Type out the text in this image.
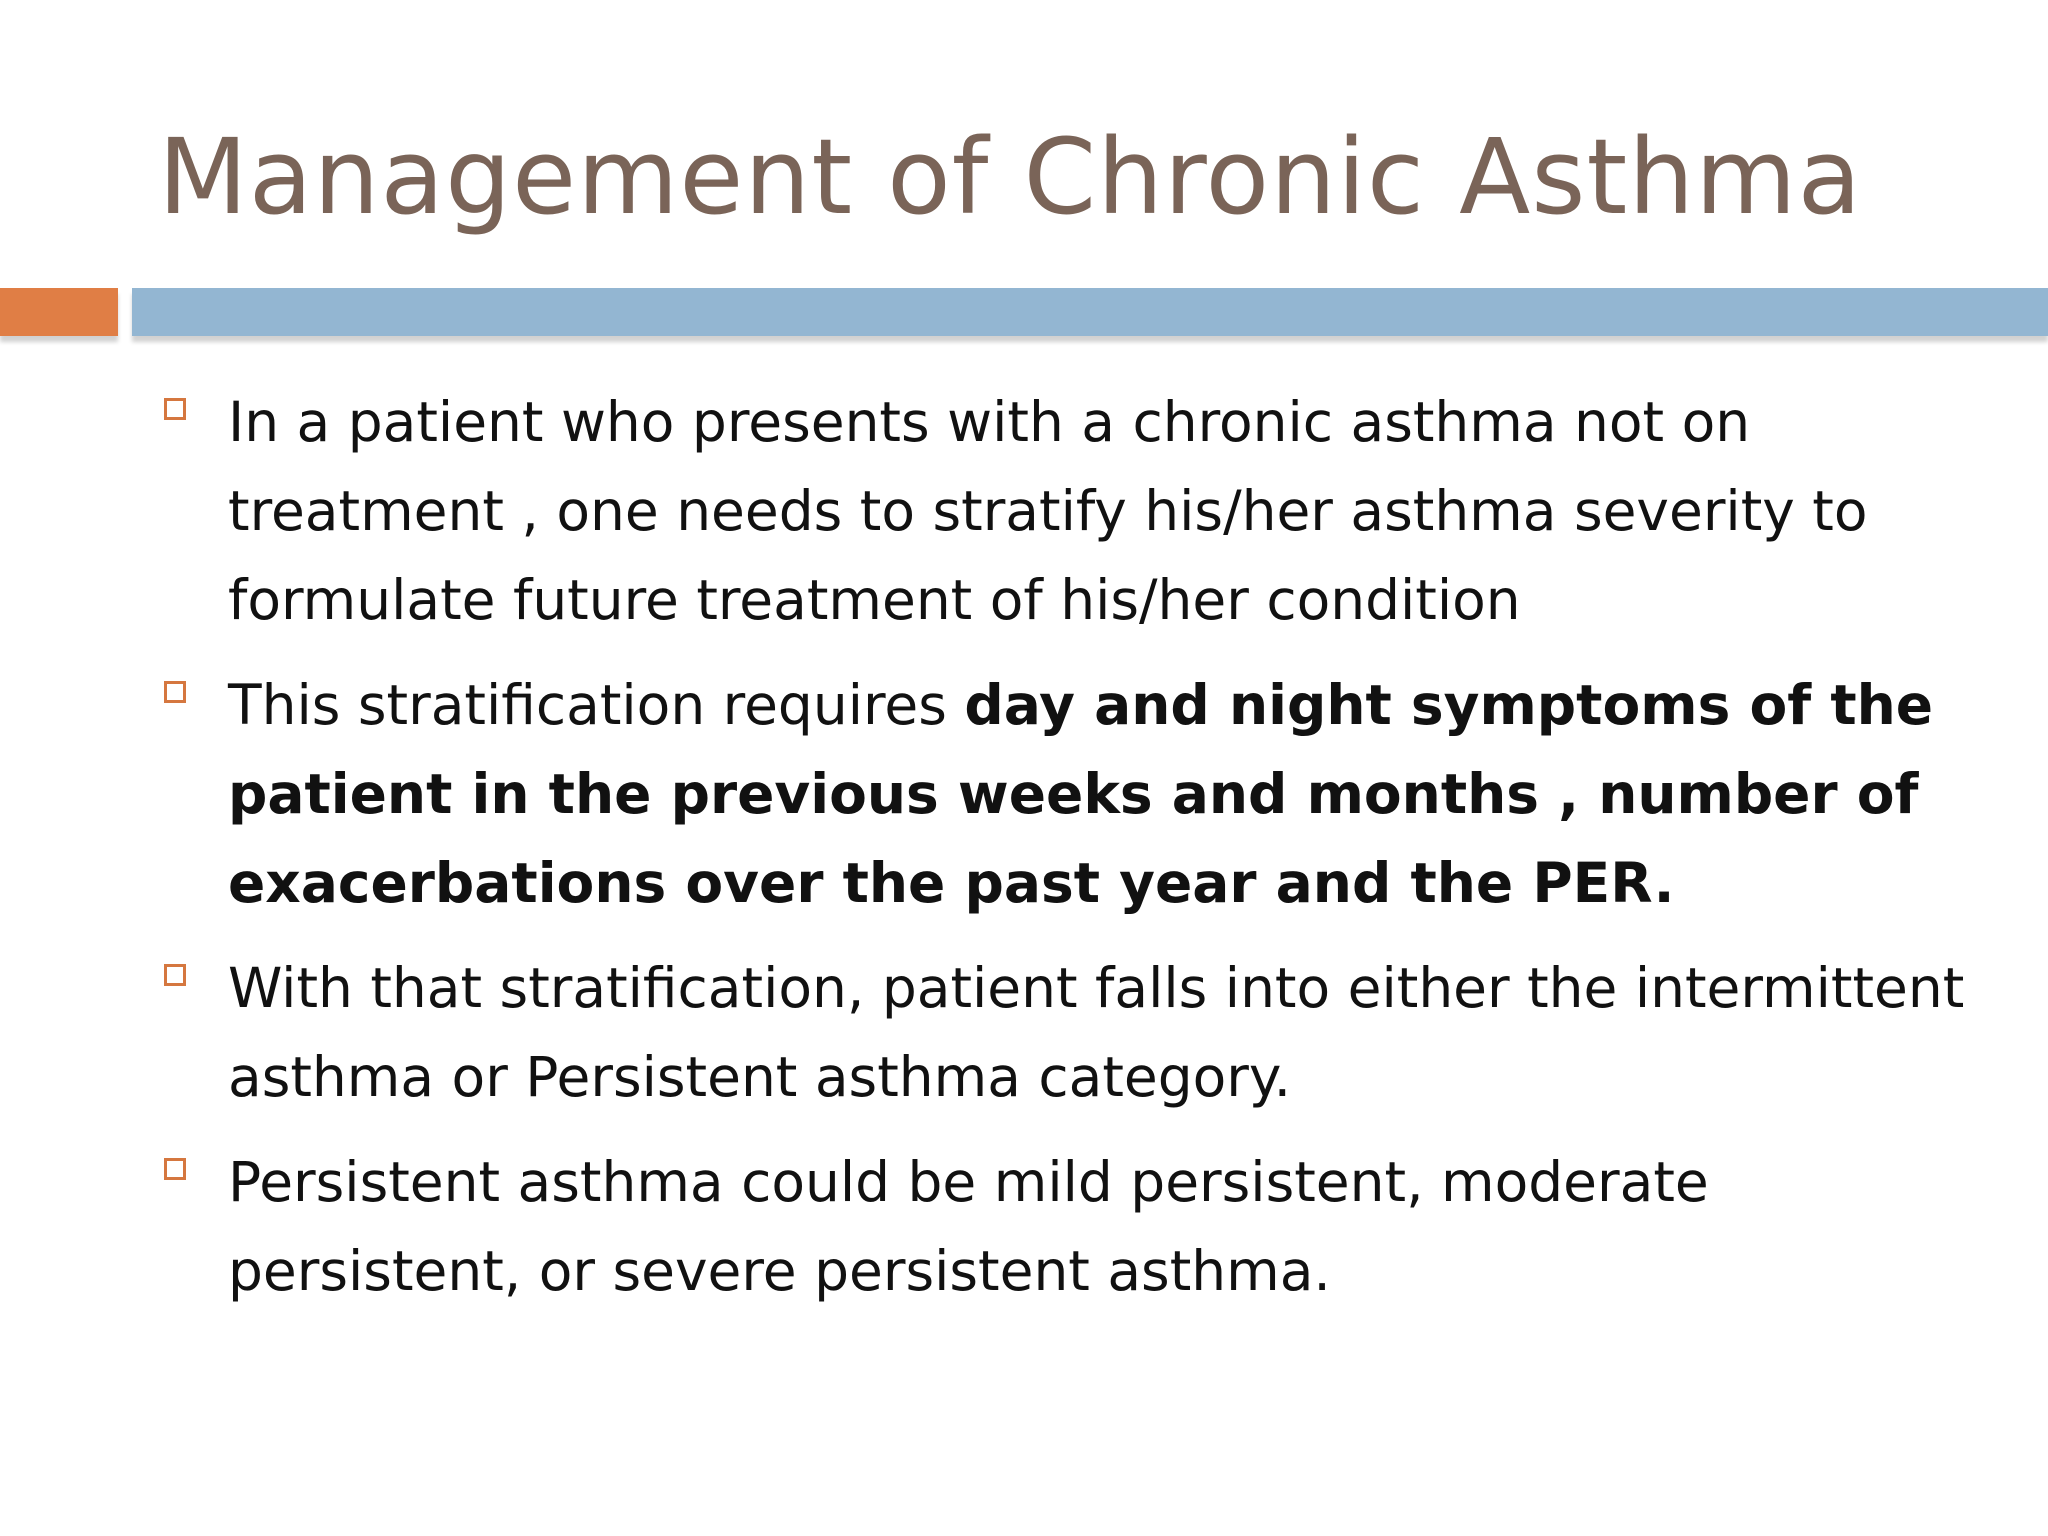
Management of Chronic Asthma
In a patient who presents with a chronic asthma not on treatment , one needs to stratify his/her asthma severity to formulate future treatment of his/her condition
This stratification requires day and night symptoms of the patient in the previous weeks and months , number of exacerbations over the past year and the PER.
With that stratification, patient falls into either the intermittent asthma or Persistent asthma category.
Persistent asthma could be mild persistent, moderate persistent, or severe persistent asthma.
